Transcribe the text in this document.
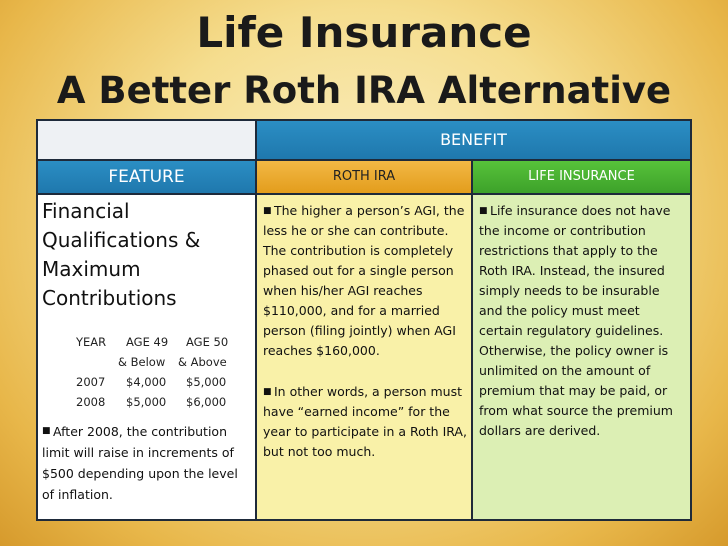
Life Insurance
A Better Roth IRA Alternative
BENEFIT
FEATURE	ROTH IRA	LIFE INSURANCE
Financial Qualifications & Maximum Contributions
YEAR AGE 49 AGE 50
& Below & Above
2007 $4,000 $5,000
2008 $5,000 $6,000
■ After 2008, the contribution limit will raise in increments of $500 depending upon the level of inflation.
■ The higher a person’s AGI, the less he or she can contribute. The contribution is completely phased out for a single person when his/her AGI reaches $110,000, and for a married person (filing jointly) when AGI reaches $160,000.
■ In other words, a person must have “earned income” for the year to participate in a Roth IRA, but not too much.
■ Life insurance does not have the income or contribution restrictions that apply to the Roth IRA. Instead, the insured simply needs to be insurable and the policy must meet certain regulatory guidelines. Otherwise, the policy owner is unlimited on the amount of premium that may be paid, or from what source the premium dollars are derived.
